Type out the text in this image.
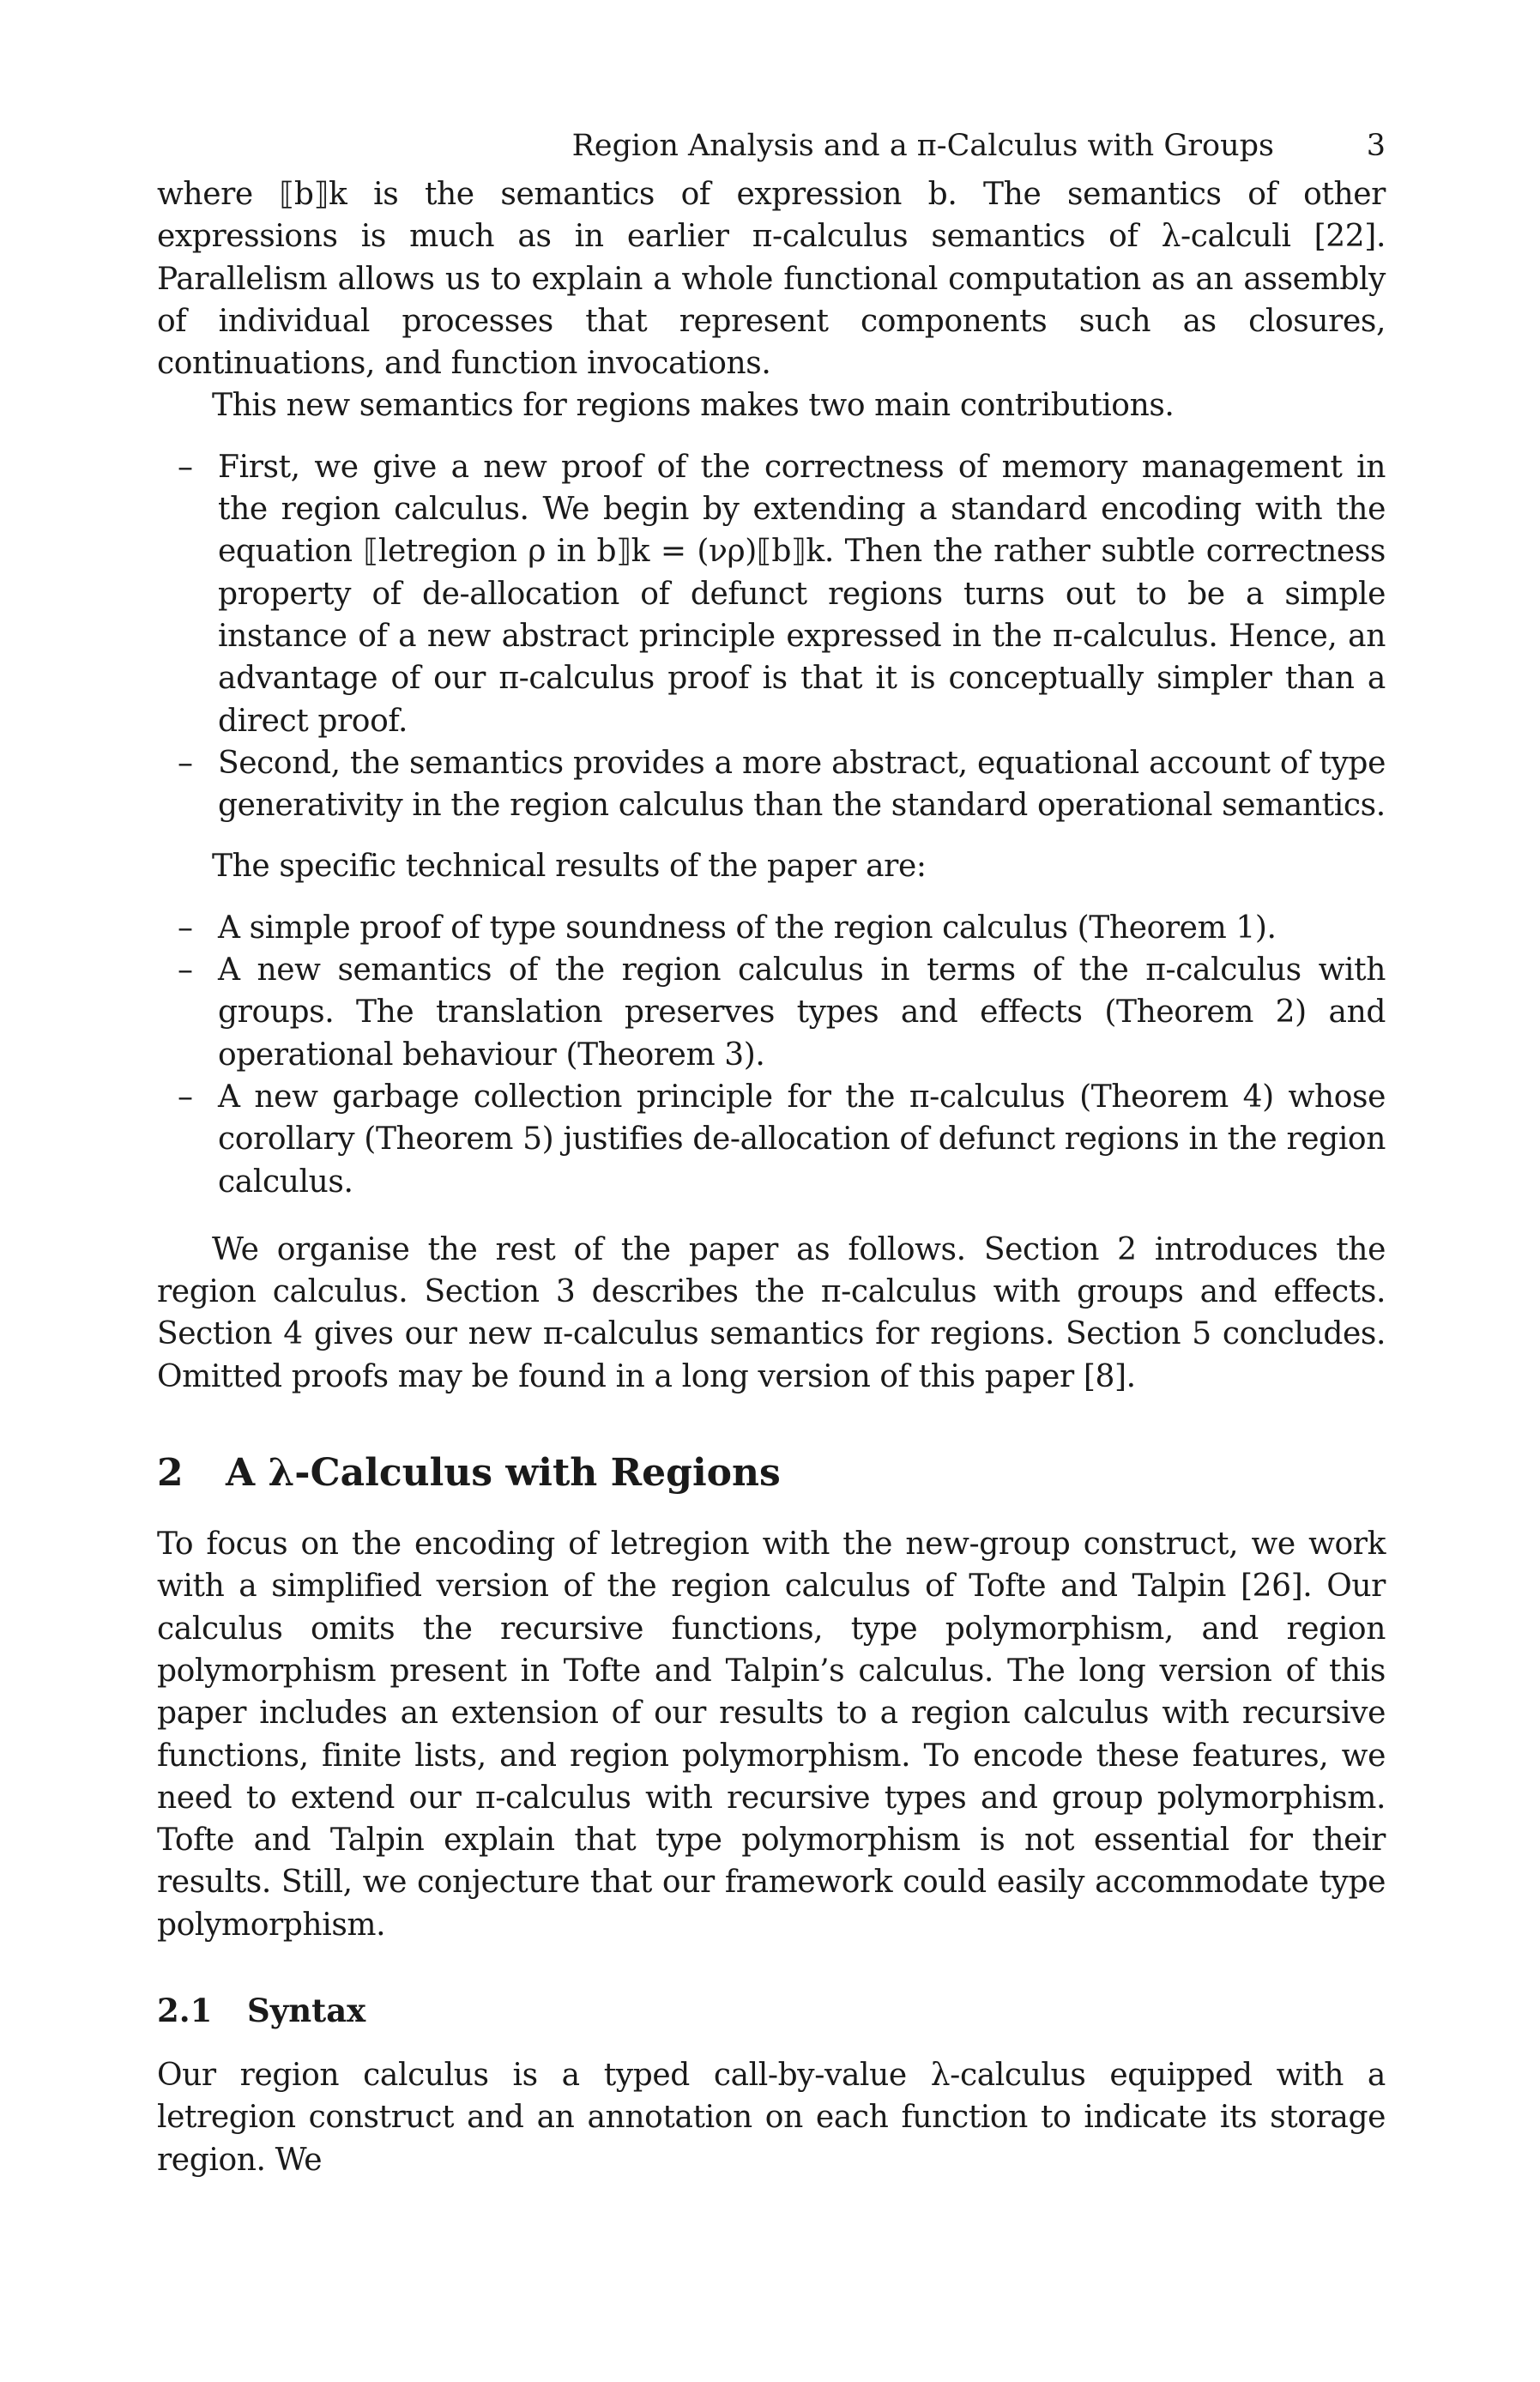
Region Analysis and a π-Calculus with Groups	3

where ⟦b⟧k is the semantics of expression b. The semantics of other expressions is much as in earlier π-calculus semantics of λ-calculi [22]. Parallelism allows us to explain a whole functional computation as an assembly of individual processes that represent components such as closures, continuations, and function invocations.

This new semantics for regions makes two main contributions.

– First, we give a new proof of the correctness of memory management in the region calculus. We begin by extending a standard encoding with the equation ⟦letregion ρ in b⟧k = (νρ)⟦b⟧k. Then the rather subtle correctness property of de-allocation of defunct regions turns out to be a simple instance of a new abstract principle expressed in the π-calculus. Hence, an advantage of our π-calculus proof is that it is conceptually simpler than a direct proof.
– Second, the semantics provides a more abstract, equational account of type generativity in the region calculus than the standard operational semantics.

The specific technical results of the paper are:

– A simple proof of type soundness of the region calculus (Theorem 1).
– A new semantics of the region calculus in terms of the π-calculus with groups. The translation preserves types and effects (Theorem 2) and operational behaviour (Theorem 3).
– A new garbage collection principle for the π-calculus (Theorem 4) whose corollary (Theorem 5) justifies de-allocation of defunct regions in the region calculus.

We organise the rest of the paper as follows. Section 2 introduces the region calculus. Section 3 describes the π-calculus with groups and effects. Section 4 gives our new π-calculus semantics for regions. Section 5 concludes. Omitted proofs may be found in a long version of this paper [8].

2 A λ-Calculus with Regions

To focus on the encoding of letregion with the new-group construct, we work with a simplified version of the region calculus of Tofte and Talpin [26]. Our calculus omits the recursive functions, type polymorphism, and region polymorphism present in Tofte and Talpin’s calculus. The long version of this paper includes an extension of our results to a region calculus with recursive functions, finite lists, and region polymorphism. To encode these features, we need to extend our π-calculus with recursive types and group polymorphism. Tofte and Talpin explain that type polymorphism is not essential for their results. Still, we conjecture that our framework could easily accommodate type polymorphism.

2.1 Syntax

Our region calculus is a typed call-by-value λ-calculus equipped with a letregion construct and an annotation on each function to indicate its storage region. We
